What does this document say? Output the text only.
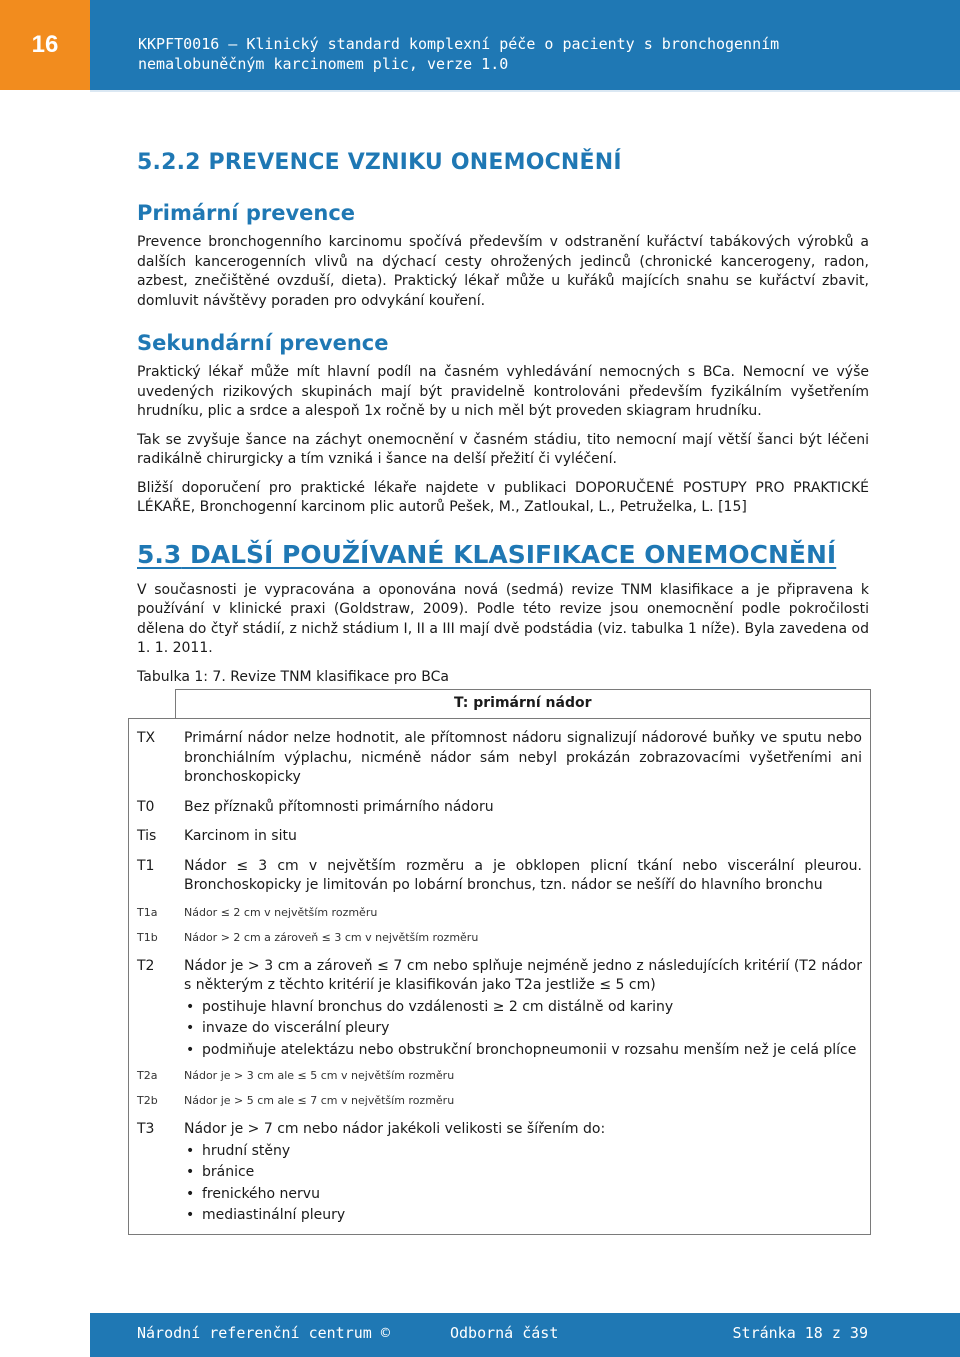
16	KKPFT0016 – Klinický standard komplexní péče o pacienty s bronchogenním
nemalobuněčným karcinomem plic, verze 1.0
5.2.2 PREVENCE VZNIKU ONEMOCNĚNÍ
Primární prevence

Prevence bronchogenního karcinomu spočívá především v odstranění kuřáctví tabákových výrobků a dalších kancerogenních vlivů na dýchací cesty ohrožených jedinců (chronické kancerogeny, radon, azbest, znečištěné ovzduší, dieta). Praktický lékař může u kuřáků majících snahu se kuřáctví zbavit, domluvit návštěvy poraden pro odvykání kouření.

Sekundární prevence

Praktický lékař může mít hlavní podíl na časném vyhledávání nemocných s BCa. Nemocní ve výše uvedených rizikových skupinách mají být pravidelně kontrolováni především fyzikálním vyšetřením hrudníku, plic a srdce a alespoň 1x ročně by u nich měl být proveden skiagram hrudníku.

Tak se zvyšuje šance na záchyt onemocnění v časném stádiu, tito nemocní mají větší šanci být léčeni radikálně chirurgicky a tím vzniká i šance na delší přežití či vyléčení.

Bližší doporučení pro praktické lékaře najdete v publikaci DOPORUČENÉ POSTUPY PRO PRAKTICKÉ LÉKAŘE, Bronchogenní karcinom plic autorů Pešek, M., Zatloukal, L., Petruželka, L. [15]

5.3 DALŠÍ POUŽÍVANÉ KLASIFIKACE ONEMOCNĚNÍ

V současnosti je vypracována a oponována nová (sedmá) revize TNM klasifikace a je připravena k používání v klinické praxi (Goldstraw, 2009). Podle této revize jsou onemocnění podle pokročilosti dělena do čtyř stádií, z nichž stádium I, II a III mají dvě podstádia (viz. tabulka 1 níže). Byla zavedena od 1. 1. 2011.

Tabulka 1: 7. Revize TNM klasifikace pro BCa

	T: primární nádor

TX	Primární nádor nelze hodnotit, ale přítomnost nádoru signalizují nádorové buňky ve sputu nebo bronchiálním výplachu, nicméně nádor sám nebyl prokázán zobrazovacími vyšetřeními ani bronchoskopicky
T0	Bez příznaků přítomnosti primárního nádoru
Tis	Karcinom in situ
T1	Nádor ≤ 3 cm v největším rozměru a je obklopen plicní tkání nebo viscerální pleurou. Bronchoskopicky je limitován po lobární bronchus, tzn. nádor se nešíří do hlavního bronchu
T1a	Nádor ≤ 2 cm v největším rozměru
T1b	Nádor > 2 cm a zároveň ≤ 3 cm v největším rozměru
T2	Nádor je > 3 cm a zároveň ≤ 7 cm nebo splňuje nejméně jedno z následujících kritérií (T2 nádor s některým z těchto kritérií je klasifikován jako T2a jestliže ≤ 5 cm)
• postihuje hlavní bronchus do vzdálenosti ≥ 2 cm distálně od kariny
• invaze do viscerální pleury
• podmiňuje atelektázu nebo obstrukční bronchopneumonii v rozsahu menším než je celá plíce
T2a	Nádor je > 3 cm ale ≤ 5 cm v největším rozměru
T2b	Nádor je > 5 cm ale ≤ 7 cm v největším rozměru
T3	Nádor je > 7 cm nebo nádor jakékoli velikosti se šířením do:
• hrudní stěny
• bránice
• frenického nervu
• mediastinální pleury
Národní referenční centrum ©	Odborná část	Stránka 18 z 39
